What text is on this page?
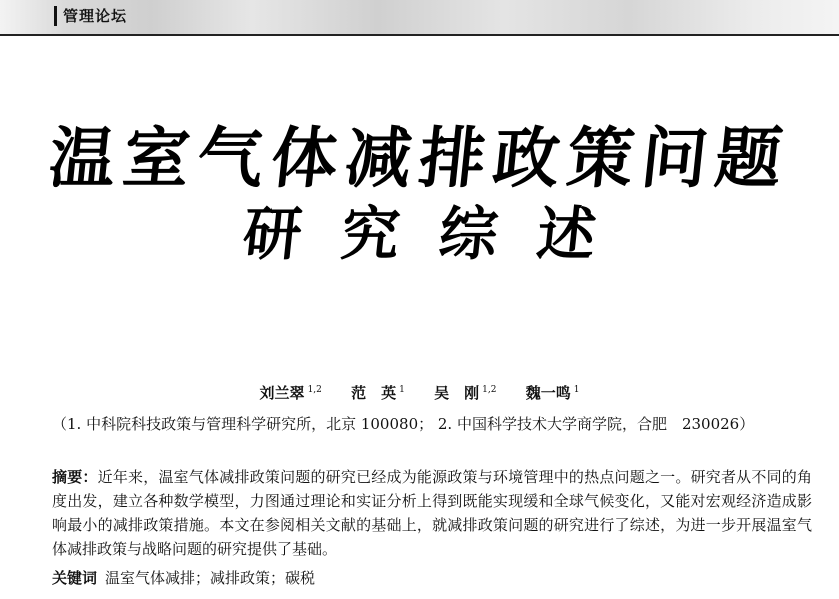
管理论坛
温室气体减排政策问题
研究综述
刘兰翠 $^{1,2}$ 范　英 $^1$ 吴　刚 $^{1,2}$ 魏一鸣 $^1$
（1. 中科院科技政策与管理科学研究所，北京 100080； 2. 中国科学技术大学商学院，合肥　230026）
摘要：近年来，温室气体减排政策问题的研究已经成为能源政策与环境管理中的热点问题之一。研究者从不同的角度出发，建立各种数学模型，力图通过理论和实证分析上得到既能实现缓和全球气候变化，又能对宏观经济造成影响最小的减排政策措施。本文在参阅相关文献的基础上，就减排政策问题的研究进行了综述，为进一步开展温室气体减排政策与战略问题的研究提供了基础。
关键词 温室气体减排；减排政策；碳税
